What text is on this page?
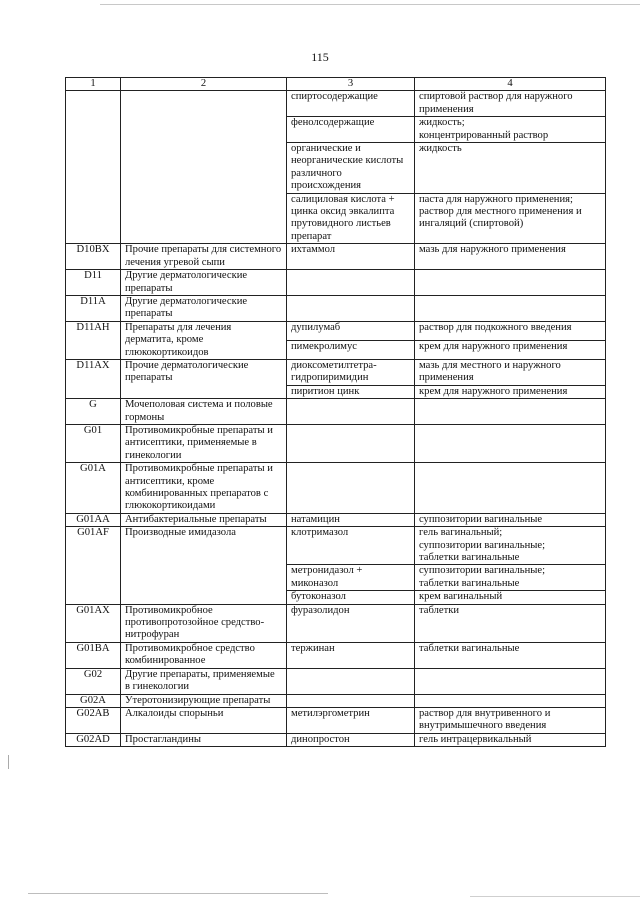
115
1	2	3	4
		спиртосодержащие	спиртовой раствор для наружного применения
		фенолсодержащие	жидкость;
концентрированный раствор
		органические и неорганические кислоты различного происхождения	жидкость
		салициловая кислота + цинка оксид эвкалипта прутовидного листьев препарат	паста для наружного применения;
раствор для местного применения и ингаляций (спиртовой)
D10BX	Прочие препараты для системного лечения угревой сыпи	ихтаммол	мазь для наружного применения
D11	Другие дерматологические препараты		
D11A	Другие дерматологические препараты		
D11AH	Препараты для лечения дерматита, кроме глюкокортикоидов	дупилумаб	раствор для подкожного введения
		пимекролимус	крем для наружного применения
D11AX	Прочие дерматологические препараты	диоксометилтетра-гидропиримидин	мазь для местного и наружного применения
		пиритион цинк	крем для наружного применения
G	Мочеполовая система и половые гормоны		
G01	Противомикробные препараты и антисептики, применяемые в гинекологии		
G01A	Противомикробные препараты и антисептики, кроме комбинированных препаратов с глюкокортикоидами		
G01AA	Антибактериальные препараты	натамицин	суппозитории вагинальные
G01AF	Производные имидазола	клотримазол	гель вагинальный;
суппозитории вагинальные;
таблетки вагинальные
		метронидазол +
миконазол	суппозитории вагинальные;
таблетки вагинальные
		бутоконазол	крем вагинальный
G01AX	Противомикробное противопротозойное средство-нитрофуран	фуразолидон	таблетки
G01BA	Противомикробное средство комбинированное	тержинан	таблетки вагинальные
G02	Другие препараты, применяемые в гинекологии		
G02A	Утеротонизирующие препараты		
G02AB	Алкалоиды спорыньи	метилэргометрин	раствор для внутривенного и внутримышечного введения
G02AD	Простагландины	динопростон	гель интрацервикальный
